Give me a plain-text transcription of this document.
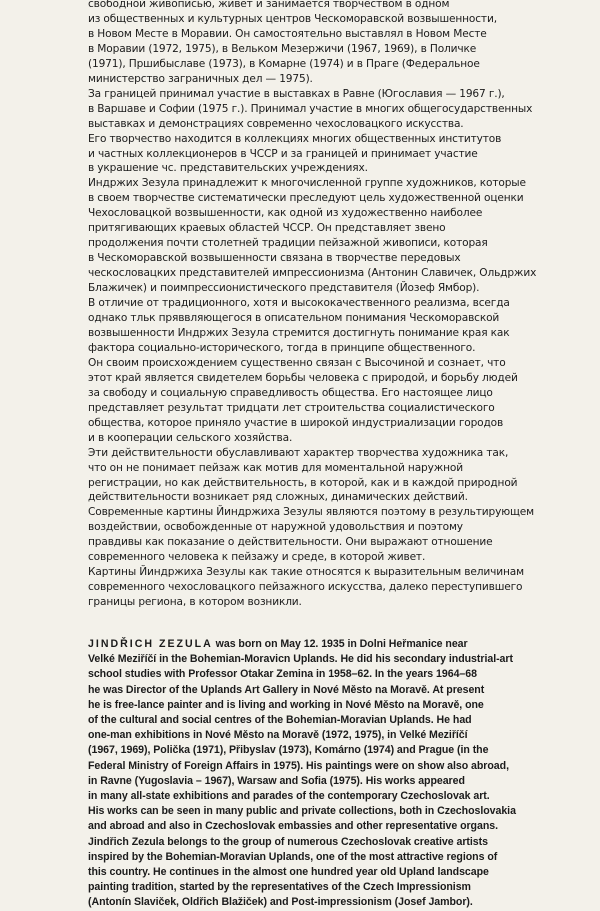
свободной живописью, живет и занимается творчеством в одном

из общественных и культурных центров Ческоморавской возвышенности,

в Новом Месте в Моравии. Он самостоятельно выставлял в Новом Месте

в Моравии (1972, 1975), в Вельком Мезержичи (1967, 1969), в Поличке

(1971), Пршибыславе (1973), в Комарне (1974) и в Праге (Федеральное

министерство заграничных дел — 1975).

За границей принимал участие в выставках в Равне (Югославия — 1967 г.),

в Варшаве и Софии (1975 г.). Принимал участие в многих общегосударственных

выставках и демонстрациях современно чехословацкого искусства.

Его творчество находится в коллекциях многих общественных институтов

и частных коллекционеров в ЧССР и за границей и принимает участие

в украшение чс. представительских учреждениях.

Индржих Зезула принадлежит к многочисленной группе художников, которые

в своем творчестве систематически преследуют цель художественной оценки

Чехословацкой возвышенности, как одной из художественно наиболее

притягивающих краевых областей ЧССР. Он представляет звено

продолжения почти столетней традиции пейзажной живописи, которая

в Ческоморавской возвышенности связана в творчестве передовых

ческословацких представителей импрессионизма (Антонин Славичек, Ольдржих

Блажичек) и поимпрессионистического представителя (Йозеф Ямбор).

В отличие от традиционного, хотя и высококачественного реализма, всегда

однако тльк пряввляющегося в описательном понимания Ческоморавской

возвышенности Индржих Зезула стремится достигнуть понимание края как

фактора социально-исторического, тогда в принципе общественного.

Он своим происхождением существенно связан с Высочиной и сознает, что

этот край является свидетелем борьбы человека с природой, и борьбу людей

за свободу и социальную справедливость общества. Его настоящее лицо

представляет результат тридцати лет строительства социалистического

общества, которое приняло участие в широкой индустриализации городов

и в кооперации сельского хозяйства.

Эти действительности обуславливают характер творчества художника так,

что он не понимает пейзаж как мотив для моментальной наружной

регистрации, но как действительность, в которой, как и в каждой природной

действительности возникает ряд сложных, динамических действий.

Современные картины Йиндржиха Зезулы являются поэтому в результирующем

воздействии, освобожденные от наружной удовольствия и поэтому

правдивы как показание о действительности. Они выражают отношение

современного человека к пейзажу и среде, в которой живет.

Картины Йиндржиха Зезулы как такие относятся к выразительным величинам

современного чехословацкого пейзажного искусства, далеко переступившего

границы региона, в котором возникли.

JINDŘICH ZEZULA was born on May 12. 1935 in Dolni Heřmanice near

Velké Meziříčí in the Bohemian-Moravicn Uplands. He did his secondary industrial-art

school studies with Professor Otakar Zemina in 1958–62. In the years 1964–68

he was Director of the Uplands Art Gallery in Nové Město na Moravě. At present

he is free-lance painter and is living and working in Nové Město na Moravě, one

of the cultural and social centres of the Bohemian-Moravian Uplands. He had

one-man exhibitions in Nové Město na Moravě (1972, 1975), in Velké Meziříčí

(1967, 1969), Polička (1971), Přibyslav (1973), Komárno (1974) and Prague (in the

Federal Ministry of Foreign Affairs in 1975). His paintings were on show also abroad,

in Ravne (Yugoslavia – 1967), Warsaw and Sofia (1975). His works appeared

in many all-state exhibitions and parades of the contemporary Czechoslovak art.

His works can be seen in many public and private collections, both in Czechoslovakia

and abroad and also in Czechoslovak embassies and other representative organs.

Jindřich Zezula belongs to the group of numerous Czechoslovak creative artists

inspired by the Bohemian-Moravian Uplands, one of the most attractive regions of

this country. He continues in the almost one hundred year old Upland landscape

painting tradition, started by the representatives of the Czech Impressionism

(Antonín Slaviček, Oldřich Blažiček) and Post-impressionism (Josef Jambor).
